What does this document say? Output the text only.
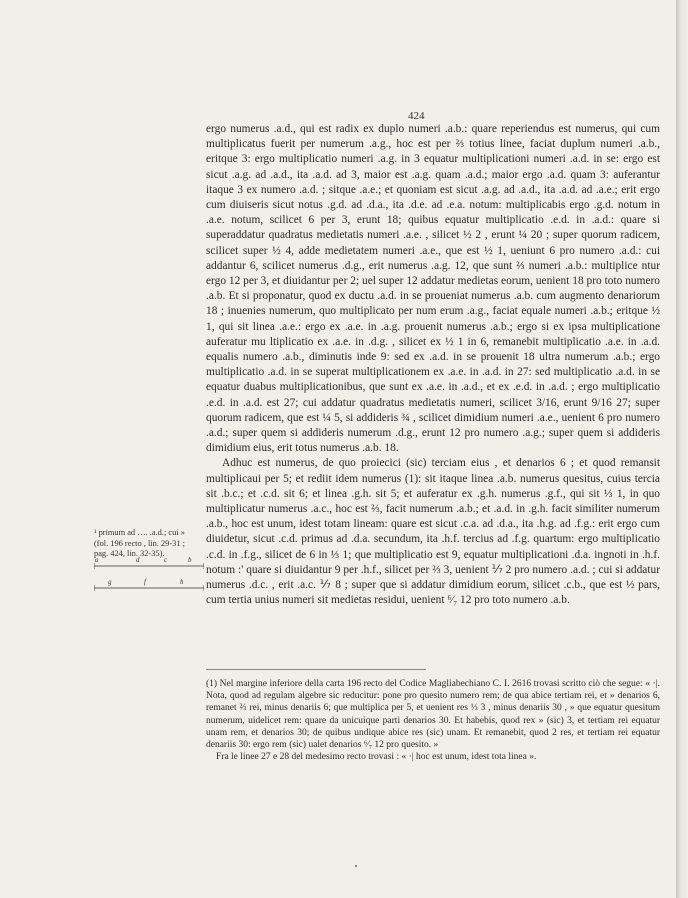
424

ergo numerus .a.d., qui est radix ex duplo numeri .a.b.: quare reperiendus est numerus, qui cum multiplicatus fuerit per numerum .a.g., hoc est per ⅔ totius linee, faciat duplum numeri .a.b., eritque 3: ergo multiplicatio numeri .a.g. in 3 equatur multiplicationi numeri .a.d. in se: ergo est sicut .a.g. ad .a.d., ita .a.d. ad 3, maior est .a.g. quam .a.d.; maior ergo .a.d. quam 3: auferantur itaque 3 ex numero .a.d. ; sitque .a.e.; et quoniam est sicut .a.g. ad .a.d., ita .a.d. ad .a.e.; erit ergo cum diuiseris sicut notus .g.d. ad .d.a., ita .d.e. ad .e.a. notum: multiplicabis ergo .g.d. notum in .a.e. notum, scilicet 6 per 3, erunt 18; quibus equatur multiplicatio .e.d. in .a.d.: quare si superaddatur quadratus medietatis numeri .a.e. , silicet ½ 2 , erunt ¼ 20 ; super quorum radicem, scilicet super ½ 4, adde medietatem numeri .a.e., que est ½ 1, ueniunt 6 pro numero .a.d.: cui addantur 6, scilicet numerus .d.g., erit numerus .a.g. 12, que sunt ⅔ numeri .a.b.: multiplice ntur ergo 12 per 3, et diuidantur per 2; uel super 12 addatur medietas eorum, uenient 18 pro toto numero .a.b. Et si proponatur, quod ex ductu .a.d. in se proueniat numerus .a.b. cum augmento denariorum 18 ; inuenies numerum, quo multiplicato per num erum .a.g., faciat equale numeri .a.b.; eritque ½ 1, qui sit linea .a.e.: ergo ex .a.e. in .a.g. prouenit numerus .a.b.; ergo si ex ipsa multiplicatione auferatur mu ltiplicatio ex .a.e. in .d.g. , silicet ex ½ 1 in 6, remanebit multiplicatio .a.e. in .a.d. equalis numero .a.b., diminutis inde 9: sed ex .a.d. in se prouenit 18 ultra numerum .a.b.; ergo multiplicatio .a.d. in se superat multiplicationem ex .a.e. in .a.d. in 27: sed multiplicatio .a.d. in se equatur duabus multiplicationibus, que sunt ex .a.e. in .a.d., et ex .e.d. in .a.d. ; ergo multiplicatio .e.d. in .a.d. est 27; cui addatur quadratus medietatis numeri, scilicet 3/16, erunt 9/16 27; super quorum radicem, que est ¼ 5, si addideris ¾ , scilicet dimidium numeri .a.e., uenient 6 pro numero .a.d.; super quem si addideris numerum .d.g., erunt 12 pro numero .a.g.; super quem si addideris dimidium eius, erit totus numerus .a.b. 18.

Adhuc est numerus, de quo proiecici (sic) terciam eius , et denarios 6 ; et quod remansit multiplicaui per 5; et rediit idem numerus (1): sit itaque linea .a.b. numerus quesitus, cuius tercia sit .b.c.; et .c.d. sit 6; et linea .g.h. sit 5; et auferatur ex .g.h. numerus .g.f., qui sit ⅓ 1, in quo multiplicatur numerus .a.c., hoc est ⅔, facit numerum .a.b.; et .a.d. in .g.h. facit similiter numerum .a.b., hoc est unum, idest totam lineam: quare est sicut .c.a. ad .d.a., ita .h.g. ad .f.g.: erit ergo cum diuidetur, sicut .c.d. primus ad .d.a. secundum, ita .h.f. tercius ad .f.g. quartum: ergo multiplicatio .c.d. in .f.g., silicet de 6 in ⅓ 1; que multiplicatio est 9, equatur multiplicationi .d.a. ingnoti in .h.f. notum :' quare si diuidantur 9 per .h.f., silicet per ⅔ 3, uenient ⅐ 2 pro numero .a.d. ; cui si addatur numerus .d.c. , erit .a.c. ⅐ 8 ; super que si addatur dimidium eorum, silicet .c.b., que est ½ pars, cum tertia unius numeri sit medietas residui, uenient ⁶⁄₇ 12 pro toto numero .a.b.

¹ primum ad …. .a.d.; cui » (fol. 196 recto , lin. 29-31 ; pag. 424, lin. 32-35).
a	d	c	b
g	f	h

(1) Nel margine inferiore della carta 196 recto del Codice Magliabechiano C. I. 2616 trovasi scritto ciò che segue: « ·|. Nota, quod ad regulam algebre sic reducitur: pone pro quesito numero rem; de qua abice tertiam rei, et » denarios 6, remanet ⅔ rei, minus denariis 6; que multiplica per 5, et uenient res ⅓ 3 , minus denariis 30 , » que equatur quesitum numerum, uidelicet rem: quare da unicuique parti denarios 30. Et habebis, quod rex » (sic) 3, et tertiam rei equatur unam rem, et denarios 30; de quibus undique abice res (sic) unam. Et remanebit, quod 2 res, et tertiam rei equatur denariis 30: ergo rem (sic) ualet denarios ⁶⁄₇ 12 pro quesito. »

Fra le linee 27 e 28 del medesimo recto trovasi : « ·| hoc est unum, idest tota linea ».
